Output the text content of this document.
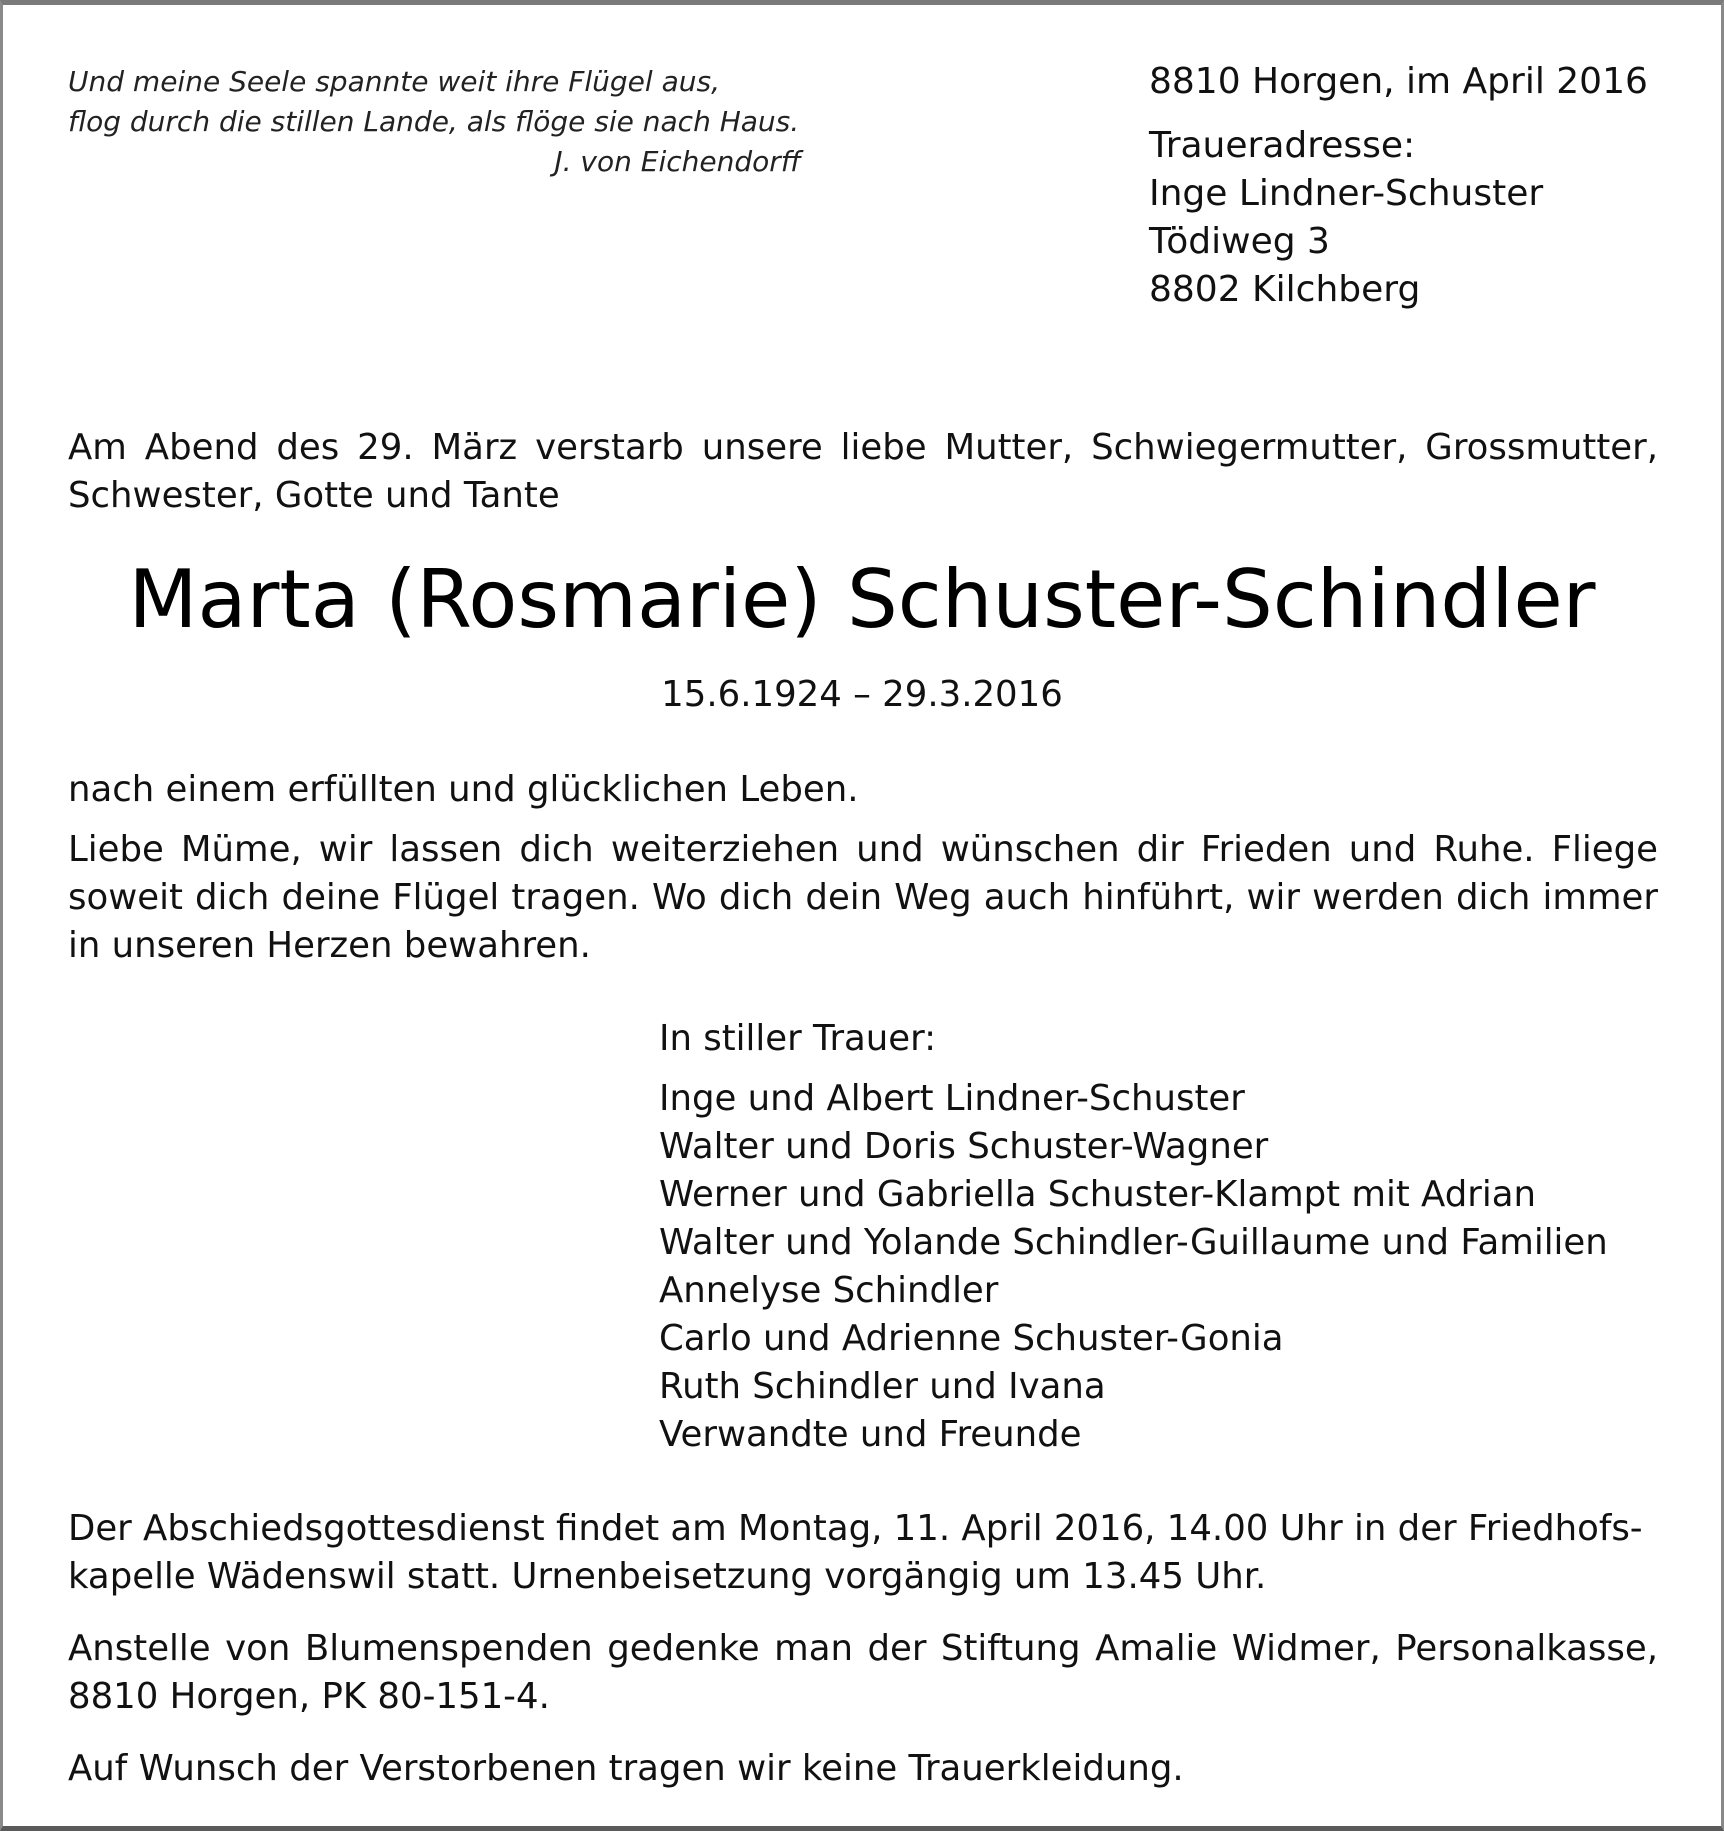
Und meine Seele spannte weit ihre Flügel aus,
flog durch die stillen Lande, als flöge sie nach Haus.
J. von Eichendorff
8810 Horgen, im April 2016
Traueradresse:
Inge Lindner-Schuster
Tödiweg 3
8802 Kilchberg

Am Abend des 29. März verstarb unsere liebe Mutter, Schwiegermutter, Grossmutter, Schwester, Gotte und Tante

Marta (Rosmarie) Schuster-Schindler
15.6.1924 – 29.3.2016

nach einem erfüllten und glücklichen Leben.

Liebe Müme, wir lassen dich weiterziehen und wünschen dir Frieden und Ruhe. Fliege soweit dich deine Flügel tragen. Wo dich dein Weg auch hinführt, wir werden dich immer in unseren Herzen bewahren.

In stiller Trauer:
Inge und Albert Lindner-Schuster
Walter und Doris Schuster-Wagner
Werner und Gabriella Schuster-Klampt mit Adrian
Walter und Yolande Schindler-Guillaume und Familien
Annelyse Schindler
Carlo und Adrienne Schuster-Gonia
Ruth Schindler und Ivana
Verwandte und Freunde
Der Abschiedsgottesdienst findet am Montag, 11. April 2016, 14.00 Uhr in der Friedhofs-
kapelle Wädenswil statt. Urnenbeisetzung vorgängig um 13.45 Uhr.

Anstelle von Blumenspenden gedenke man der Stiftung Amalie Widmer, Personalkasse, 8810 Horgen, PK 80-151-4.

Auf Wunsch der Verstorbenen tragen wir keine Trauerkleidung.
